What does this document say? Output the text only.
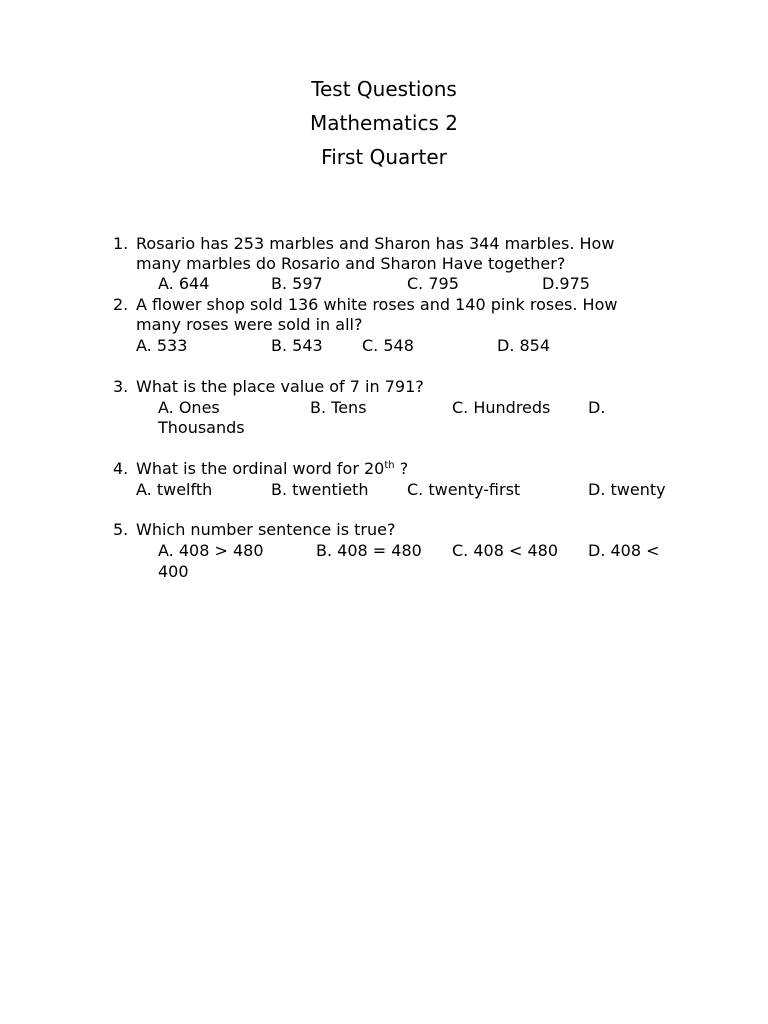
Test Questions
Mathematics 2
First Quarter
1. Rosario has 253 marbles and Sharon has 344 marbles. How
many marbles do Rosario and Sharon Have together?
A. 644	B. 597	C. 795	D.975
2. A flower shop sold 136 white roses and 140 pink roses. How
many roses were sold in all?
A. 533	B. 543 C. 548	D. 854
3. What is the place value of 7 in 791?
A. Ones	B. Tens	C. Hundreds D.
Thousands
4. What is the ordinal word for 20th ?
A. twelfth	B. twentieth C. twenty-first	D. twenty
5. Which number sentence is true?
A. 408 > 480	B. 408 = 480 C. 408 < 480 D. 408 <
400
